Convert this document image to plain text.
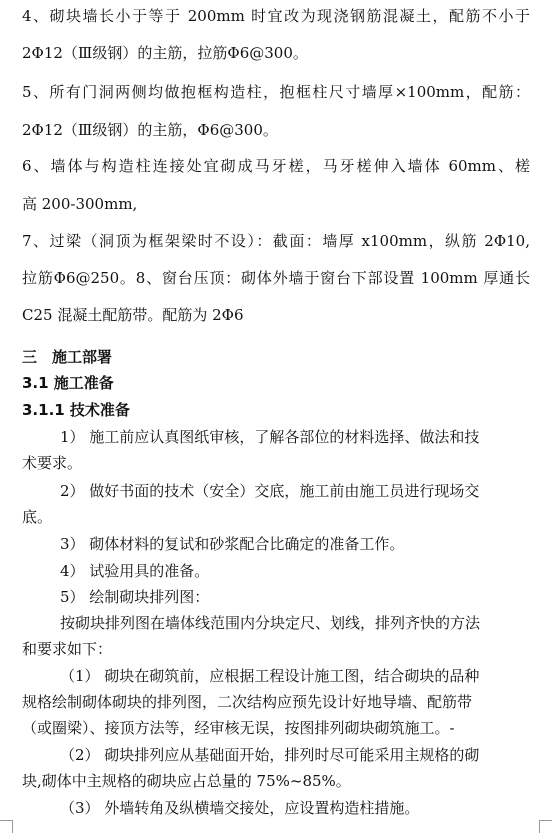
4、砌块墙长小于等于 200mm 时宜改为现浇钢筋混凝土，配筋不小于
2Φ12（Ⅲ级钢）的主筋，拉筋Φ6@300。
5、所有门洞两侧均做抱框构造柱，抱框柱尺寸墙厚×100mm，配筋：
2Φ12（Ⅲ级钢）的主筋，Φ6@300。
6、墙体与构造柱连接处宜砌成马牙槎，马牙槎伸入墙体 60mm、槎
高 200-300mm,
7、过梁（洞顶为框架梁时不设）：截面：墙厚 x100mm，纵筋 2Φ10,
拉筋Φ6@250。8、窗台压顶：砌体外墙于窗台下部设置 100mm 厚通长
C25 混凝土配筋带。配筋为 2Φ6
三　施工部署
3.1 施工准备
3.1.1 技术准备
1） 施工前应认真图纸审核，了解各部位的材料选择、做法和技
术要求。
2） 做好书面的技术（安全）交底，施工前由施工员进行现场交
底。
3） 砌体材料的复试和砂浆配合比确定的准备工作。
4） 试验用具的准备。
5） 绘制砌块排列图：
按砌块排列图在墙体线范围内分块定尺、划线，排列齐快的方法
和要求如下：
（1） 砌块在砌筑前，应根据工程设计施工图，结合砌块的品种
规格绘制砌体砌块的排列图，二次结构应预先设计好地导墙、配筋带
（或圈梁）、接顶方法等，经审核无误，按图排列砌块砌筑施工。-
（2） 砌块排列应从基础面开始，排列时尽可能采用主规格的砌
块,砌体中主规格的砌块应占总量的 75%~85%。
（3） 外墙转角及纵横墙交接处，应设置构造柱措施。
